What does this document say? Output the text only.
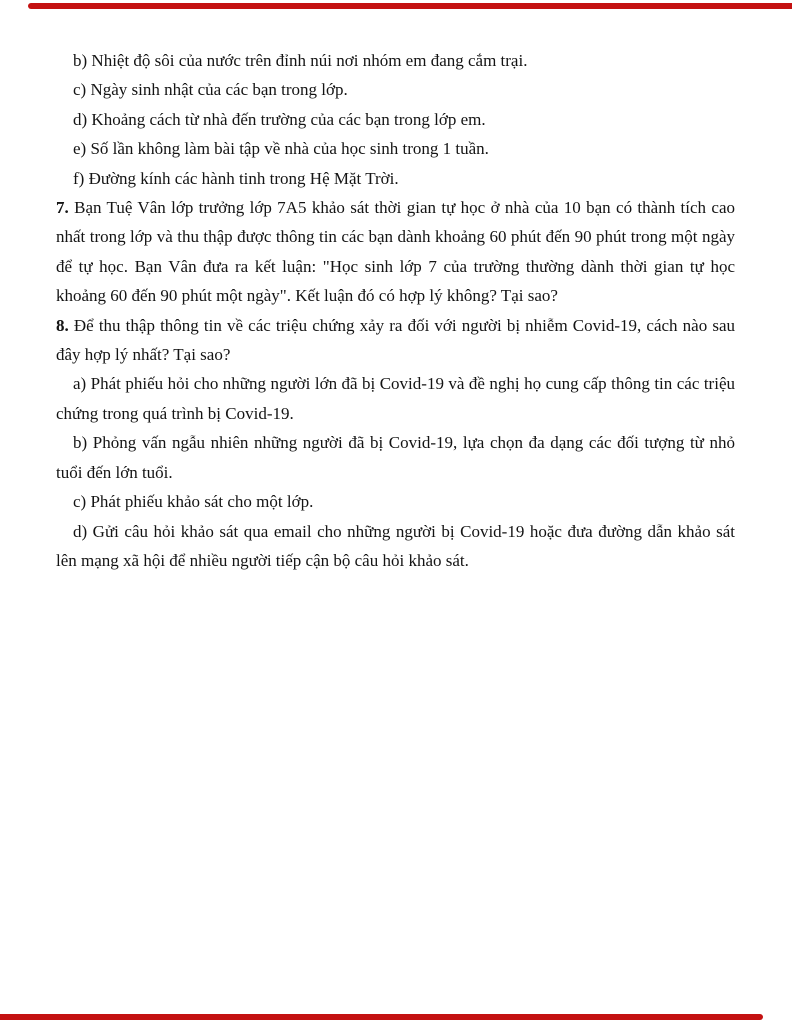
b) Nhiệt độ sôi của nước trên đỉnh núi nơi nhóm em đang cắm trại.

c) Ngày sinh nhật của các bạn trong lớp.

d) Khoảng cách từ nhà đến trường của các bạn trong lớp em.

e) Số lần không làm bài tập về nhà của học sinh trong 1 tuần.

f) Đường kính các hành tinh trong Hệ Mặt Trời.

7. Bạn Tuệ Vân lớp trưởng lớp 7A5 khảo sát thời gian tự học ở nhà của 10 bạn có thành tích cao nhất trong lớp và thu thập được thông tin các bạn dành khoảng 60 phút đến 90 phút trong một ngày để tự học. Bạn Vân đưa ra kết luận: "Học sinh lớp 7 của trường thường dành thời gian tự học khoảng 60 đến 90 phút một ngày". Kết luận đó có hợp lý không? Tại sao?

8. Để thu thập thông tin về các triệu chứng xảy ra đối với người bị nhiễm Covid-19, cách nào sau đây hợp lý nhất? Tại sao?

a) Phát phiếu hỏi cho những người lớn đã bị Covid-19 và đề nghị họ cung cấp thông tin các triệu chứng trong quá trình bị Covid-19.

b) Phỏng vấn ngẫu nhiên những người đã bị Covid-19, lựa chọn đa dạng các đối tượng từ nhỏ tuổi đến lớn tuổi.

c) Phát phiếu khảo sát cho một lớp.

d) Gửi câu hỏi khảo sát qua email cho những người bị Covid-19 hoặc đưa đường dẫn khảo sát lên mạng xã hội để nhiều người tiếp cận bộ câu hỏi khảo sát.
